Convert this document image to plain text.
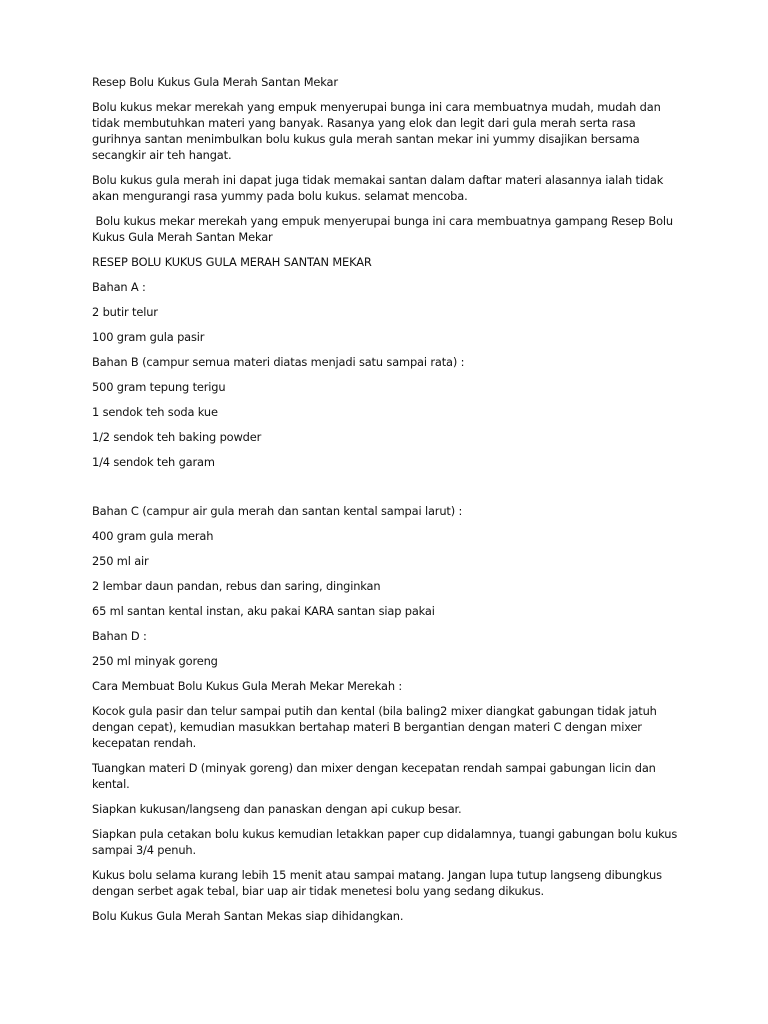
Resep Bolu Kukus Gula Merah Santan Mekar

Bolu kukus mekar merekah yang empuk menyerupai bunga ini cara membuatnya mudah, mudah dan tidak membutuhkan materi yang banyak. Rasanya yang elok dan legit dari gula merah serta rasa gurihnya santan menimbulkan bolu kukus gula merah santan mekar ini yummy disajikan bersama secangkir air teh hangat.

Bolu kukus gula merah ini dapat juga tidak memakai santan dalam daftar materi alasannya ialah tidak akan mengurangi rasa yummy pada bolu kukus. selamat mencoba.

Bolu kukus mekar merekah yang empuk menyerupai bunga ini cara membuatnya gampang Resep Bolu Kukus Gula Merah Santan Mekar

RESEP BOLU KUKUS GULA MERAH SANTAN MEKAR

Bahan A :

2 butir telur

100 gram gula pasir

Bahan B (campur semua materi diatas menjadi satu sampai rata) :

500 gram tepung terigu

1 sendok teh soda kue

1/2 sendok teh baking powder

1/4 sendok teh garam

Bahan C (campur air gula merah dan santan kental sampai larut) :

400 gram gula merah

250 ml air

2 lembar daun pandan, rebus dan saring, dinginkan

65 ml santan kental instan, aku pakai KARA santan siap pakai

Bahan D :

250 ml minyak goreng

Cara Membuat Bolu Kukus Gula Merah Mekar Merekah :

Kocok gula pasir dan telur sampai putih dan kental (bila baling2 mixer diangkat gabungan tidak jatuh dengan cepat), kemudian masukkan bertahap materi B bergantian dengan materi C dengan mixer kecepatan rendah.

Tuangkan materi D (minyak goreng) dan mixer dengan kecepatan rendah sampai gabungan licin dan kental.

Siapkan kukusan/langseng dan panaskan dengan api cukup besar.

Siapkan pula cetakan bolu kukus kemudian letakkan paper cup didalamnya, tuangi gabungan bolu kukus sampai 3/4 penuh.

Kukus bolu selama kurang lebih 15 menit atau sampai matang. Jangan lupa tutup langseng dibungkus dengan serbet agak tebal, biar uap air tidak menetesi bolu yang sedang dikukus.

Bolu Kukus Gula Merah Santan Mekas siap dihidangkan.
